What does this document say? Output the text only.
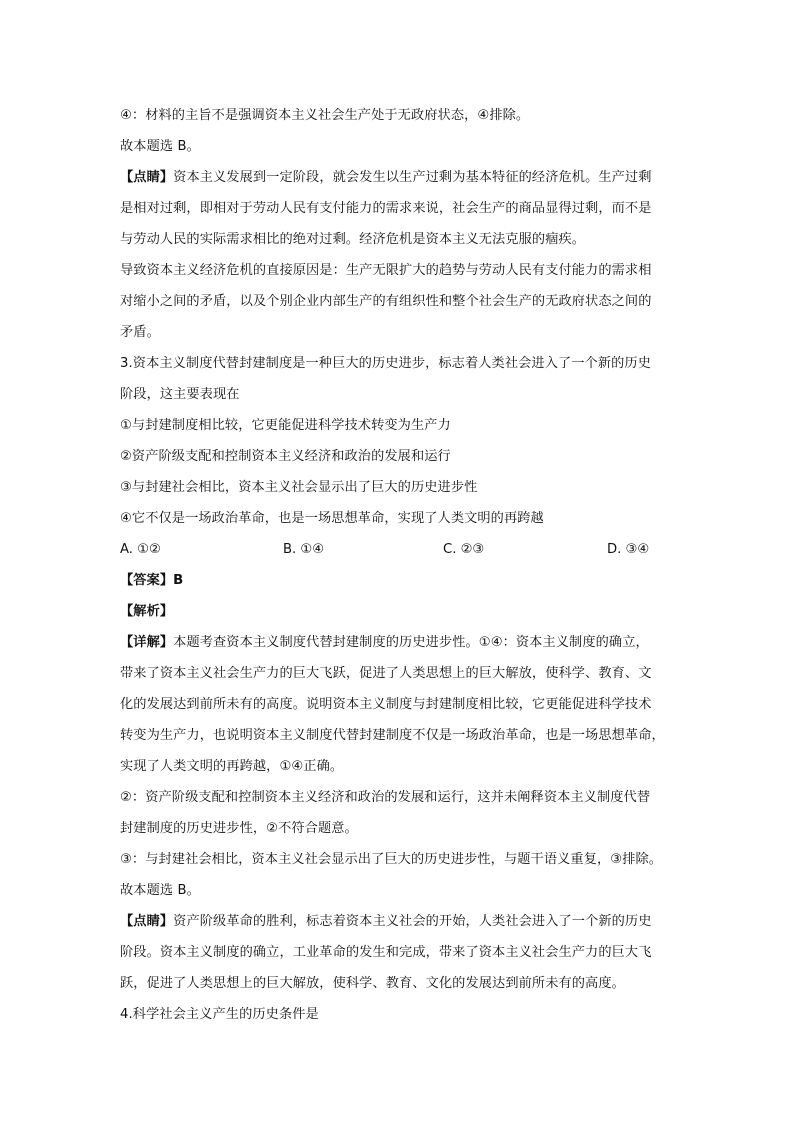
④：材料的主旨不是强调资本主义社会生产处于无政府状态，④排除。
故本题选 B。
【点睛】资本主义发展到一定阶段，就会发生以生产过剩为基本特征的经济危机。生产过剩
是相对过剩，即相对于劳动人民有支付能力的需求来说，社会生产的商品显得过剩，而不是
与劳动人民的实际需求相比的绝对过剩。经济危机是资本主义无法克服的痼疾。
导致资本主义经济危机的直接原因是：生产无限扩大的趋势与劳动人民有支付能力的需求相
对缩小之间的矛盾，以及个别企业内部生产的有组织性和整个社会生产的无政府状态之间的
矛盾。
3.资本主义制度代替封建制度是一种巨大的历史进步，标志着人类社会进入了一个新的历史
阶段，这主要表现在
①与封建制度相比较，它更能促进科学技术转变为生产力
②资产阶级支配和控制资本主义经济和政治的发展和运行
③与封建社会相比，资本主义社会显示出了巨大的历史进步性
④它不仅是一场政治革命，也是一场思想革命，实现了人类文明的再跨越
A. ①②	B. ①④	C. ②③	D. ③④
【答案】B
【解析】
【详解】本题考查资本主义制度代替封建制度的历史进步性。①④：资本主义制度的确立，
带来了资本主义社会生产力的巨大飞跃，促进了人类思想上的巨大解放，使科学、教育、文
化的发展达到前所未有的高度。说明资本主义制度与封建制度相比较，它更能促进科学技术
转变为生产力，也说明资本主义制度代替封建制度不仅是一场政治革命，也是一场思想革命，
实现了人类文明的再跨越，①④正确。
②：资产阶级支配和控制资本主义经济和政治的发展和运行，这并未阐释资本主义制度代替
封建制度的历史进步性，②不符合题意。
③：与封建社会相比，资本主义社会显示出了巨大的历史进步性，与题干语义重复，③排除。
故本题选 B。
【点睛】资产阶级革命的胜利，标志着资本主义社会的开始，人类社会进入了一个新的历史
阶段。资本主义制度的确立，工业革命的发生和完成，带来了资本主义社会生产力的巨大飞
跃，促进了人类思想上的巨大解放，使科学、教育、文化的发展达到前所未有的高度。
4.科学社会主义产生的历史条件是
